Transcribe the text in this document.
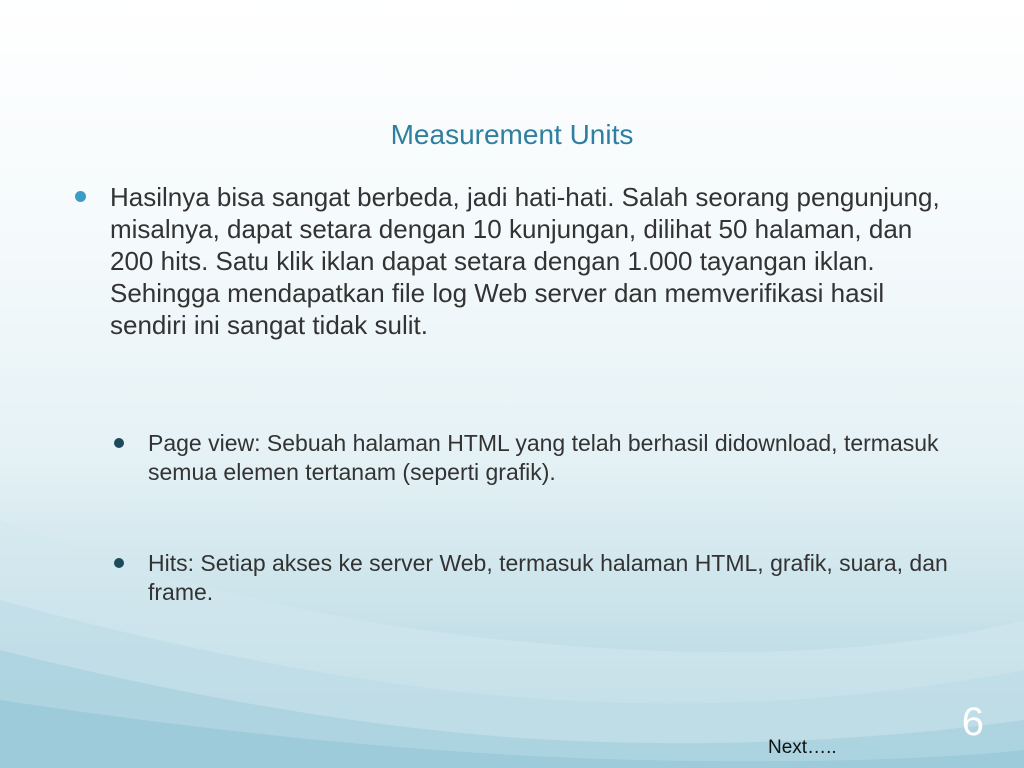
Measurement Units
Hasilnya bisa sangat berbeda, jadi hati-hati. Salah seorang pengunjung, misalnya, dapat setara dengan 10 kunjungan, dilihat 50 halaman, dan 200 hits. Satu klik iklan dapat setara dengan 1.000 tayangan iklan. Sehingga mendapatkan file log Web server dan memverifikasi hasil sendiri ini sangat tidak sulit.
Page view: Sebuah halaman HTML yang telah berhasil didownload, termasuk semua elemen tertanam (seperti grafik).
Hits: Setiap akses ke server Web, termasuk halaman HTML, grafik, suara, dan frame.
Next…..
6
